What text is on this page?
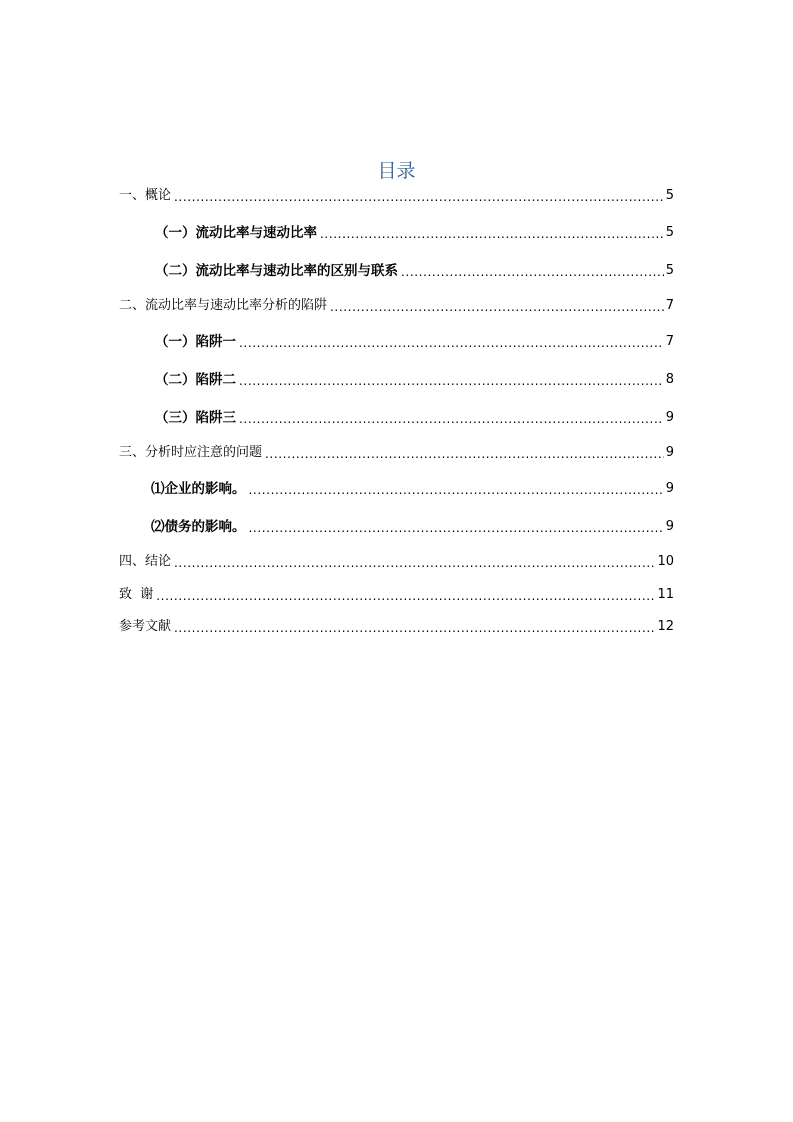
目录
一、概论 .....	5
（一）流动比率与速动比率 .....	5
（二）流动比率与速动比率的区别与联系 .....	5
二、流动比率与速动比率分析的陷阱 .....	7
（一）陷阱一 .....	7
（二）陷阱二 .....	8
（三）陷阱三 .....	9
三、分析时应注意的问题 .....	9
⑴企业的影响。 .....	9
⑵债务的影响。 .....	9
四、结论 .....	10
致  谢 .....	11
参考文献 .....	12
